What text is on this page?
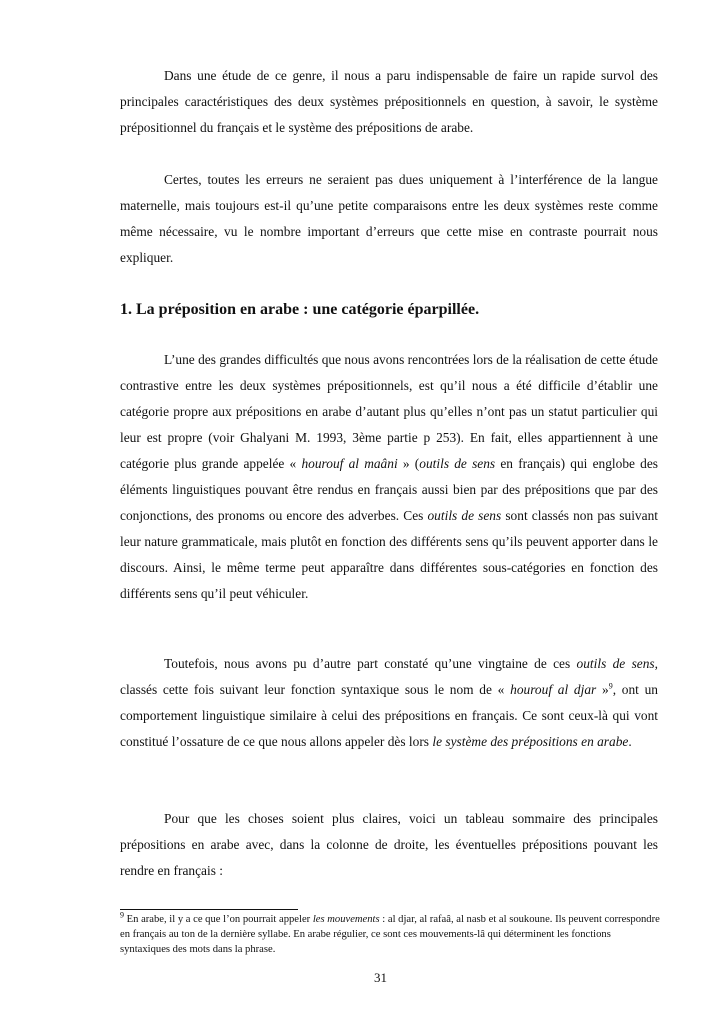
Dans une étude de ce genre, il nous a paru indispensable de faire un rapide survol des principales caractéristiques des deux systèmes prépositionnels en question, à savoir, le système prépositionnel du français et le système des prépositions de arabe.

Certes, toutes les erreurs ne seraient pas dues uniquement à l’interférence de la langue maternelle, mais toujours est-il qu’une petite comparaisons entre les deux systèmes reste comme même nécessaire, vu le nombre important d’erreurs que cette mise en contraste pourrait nous expliquer.

1. La préposition en arabe : une catégorie éparpillée.

L’une des grandes difficultés que nous avons rencontrées lors de la réalisation de cette étude contrastive entre les deux systèmes prépositionnels, est qu’il nous a été difficile d’établir une catégorie propre aux prépositions en arabe d’autant plus qu’elles n’ont pas un statut particulier qui leur est propre (voir Ghalyani M. 1993, 3ème partie p 253). En fait, elles appartiennent à une catégorie plus grande appelée « hourouf al maâni » (outils de sens en français) qui englobe des éléments linguistiques pouvant être rendus en français aussi bien par des prépositions que par des conjonctions, des pronoms ou encore des adverbes. Ces outils de sens sont classés non pas suivant leur nature grammaticale, mais plutôt en fonction des différents sens qu’ils peuvent apporter dans le discours. Ainsi, le même terme peut apparaître dans différentes sous-catégories en fonction des différents sens qu’il peut véhiculer.

Toutefois, nous avons pu d’autre part constaté qu’une vingtaine de ces outils de sens, classés cette fois suivant leur fonction syntaxique sous le nom de « hourouf al djar »$^9$, ont un comportement linguistique similaire à celui des prépositions en français. Ce sont ceux-là qui vont constitué l’ossature de ce que nous allons appeler dès lors le système des prépositions en arabe.

Pour que les choses soient plus claires, voici un tableau sommaire des principales prépositions en arabe avec, dans la colonne de droite, les éventuelles prépositions pouvant les rendre en français :

$^9$ En arabe, il y a ce que l’on pourrait appeler les mouvements : al djar, al rafaâ, al nasb et al soukoune. Ils peuvent correspondre en français au ton de la dernière syllabe. En arabe régulier, ce sont ces mouvements-lâ qui déterminent les fonctions syntaxiques des mots dans la phrase.

31
